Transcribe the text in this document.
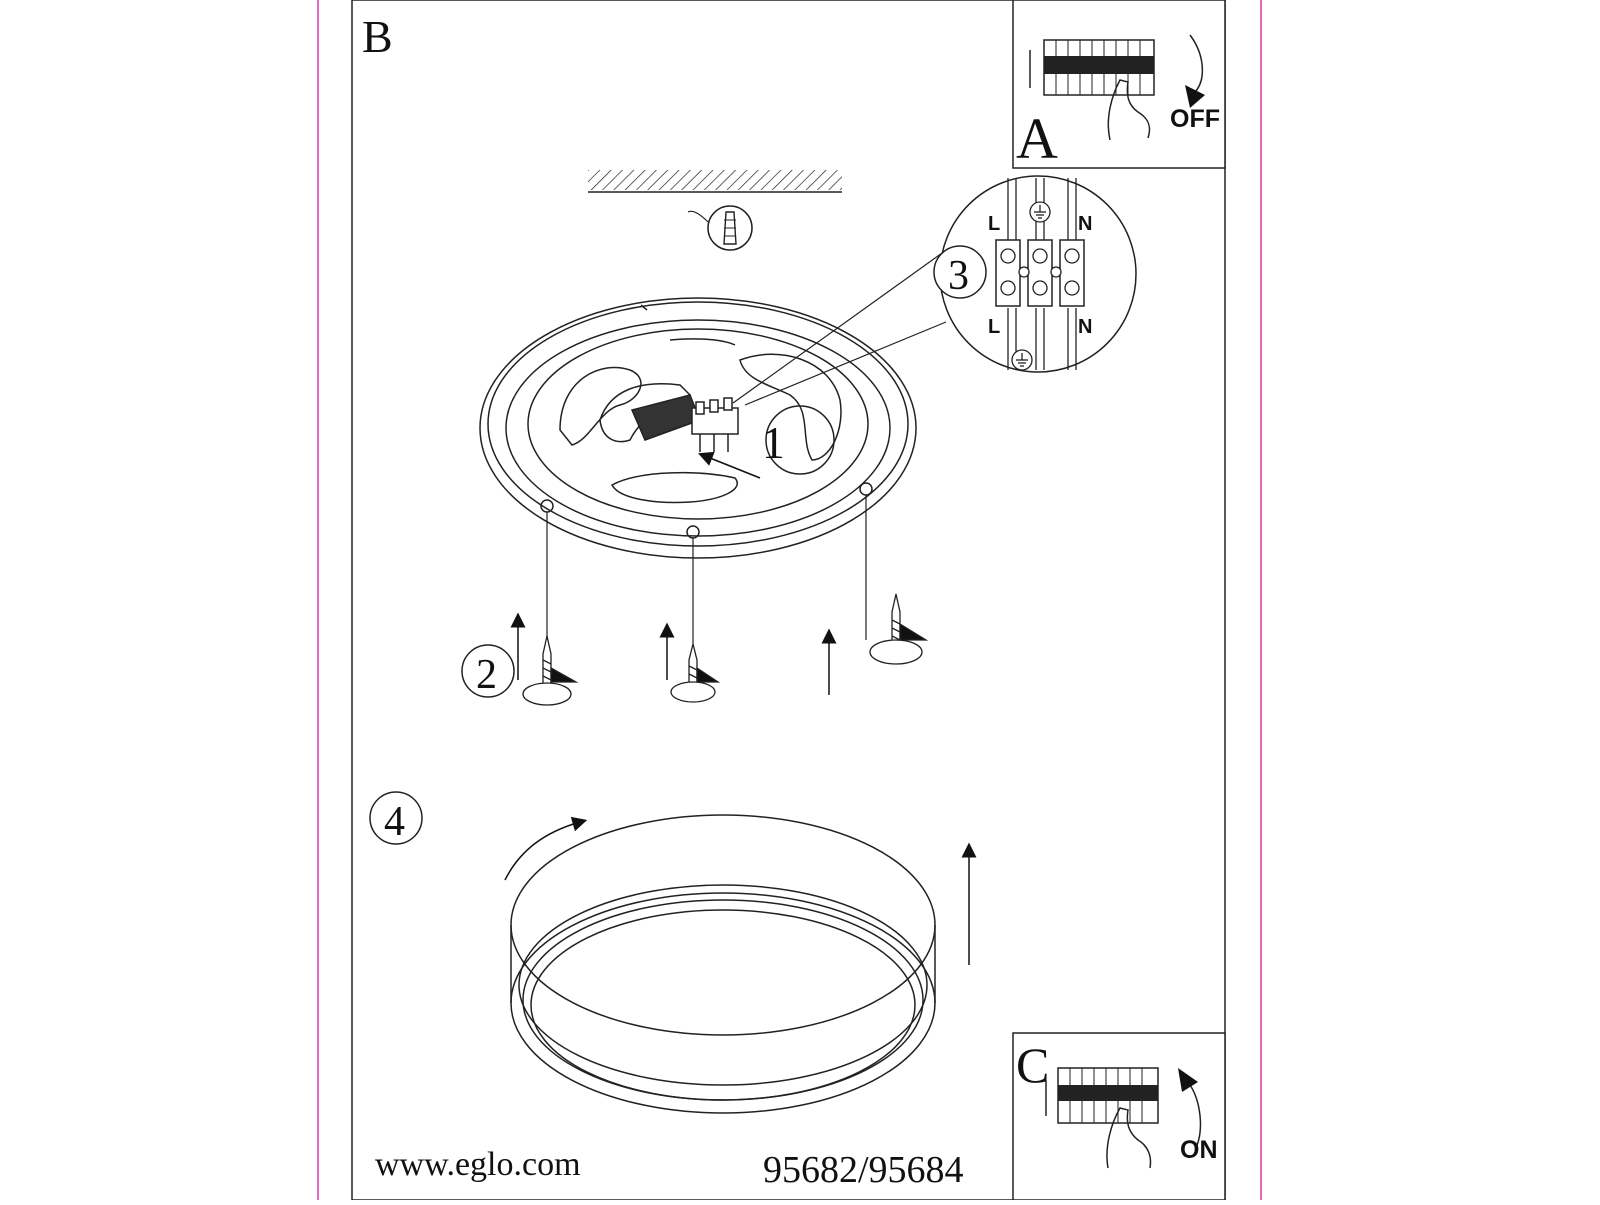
B
A	OFF
1
3
L	N
L	N
2
4
C
ON
www.eglo.com	95682/95684
